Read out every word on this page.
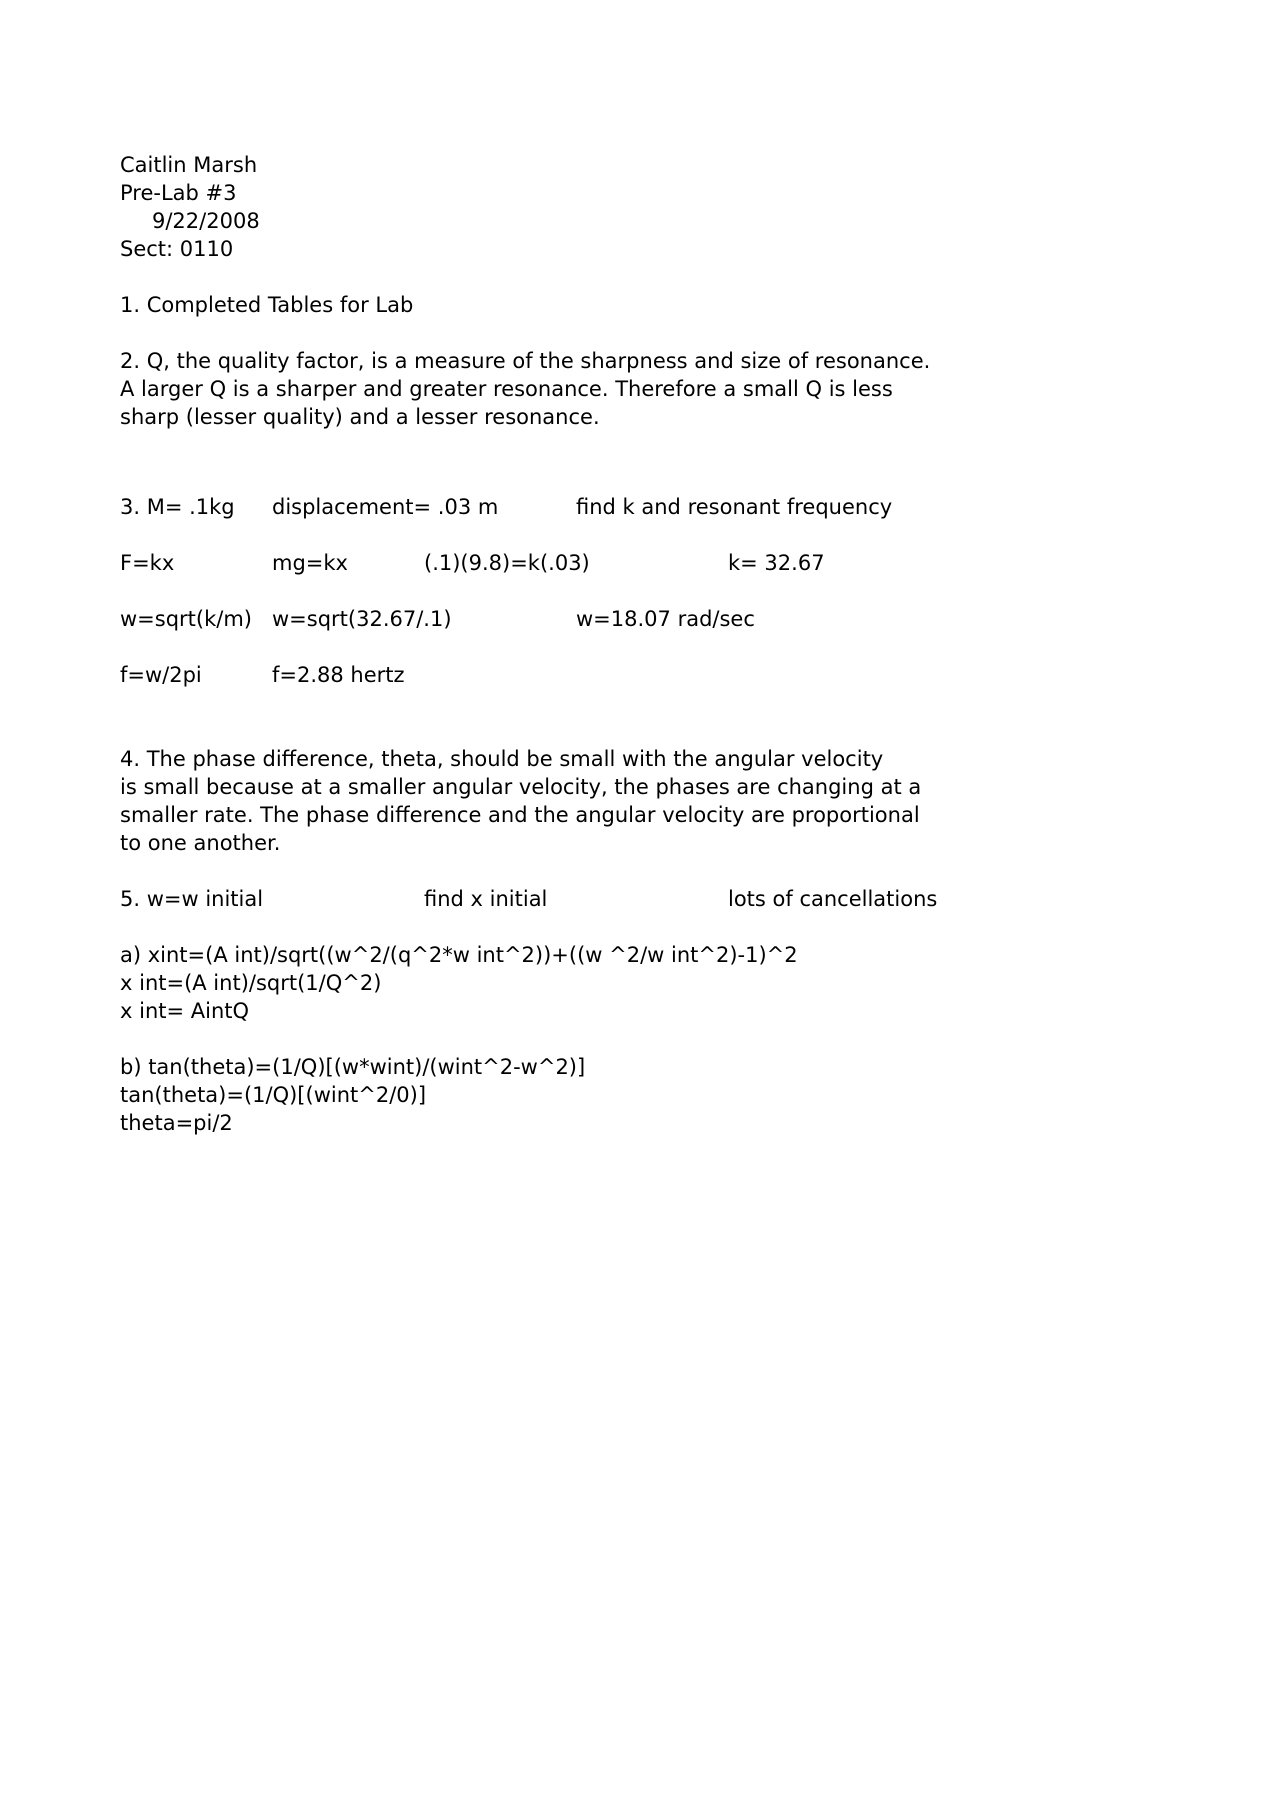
Caitlin Marsh
Pre-Lab #3
9/22/2008
Sect: 0110
1. Completed Tables for Lab
2. Q, the quality factor, is a measure of the sharpness and size of resonance.
A larger Q is a sharper and greater resonance. Therefore a small Q is less
sharp (lesser quality) and a lesser resonance.
3. M= .1kg displacement= .03 m	find k and resonant frequency
F=kx	mg=kx	(.1)(9.8)=k(.03)	k= 32.67
w=sqrt(k/m) w=sqrt(32.67/.1)	w=18.07 rad/sec
f=w/2pi	f=2.88 hertz
4. The phase difference, theta, should be small with the angular velocity
is small because at a smaller angular velocity, the phases are changing at a
smaller rate. The phase difference and the angular velocity are proportional
to one another.
5. w=w initial	find x initial	lots of cancellations
a) xint=(A int)/sqrt((w^2/(q^2*w int^2))+((w ^2/w int^2)-1)^2
x int=(A int)/sqrt(1/Q^2)
x int= AintQ
b) tan(theta)=(1/Q)[(w*wint)/(wint^2-w^2)]
tan(theta)=(1/Q)[(wint^2/0)]
theta=pi/2
